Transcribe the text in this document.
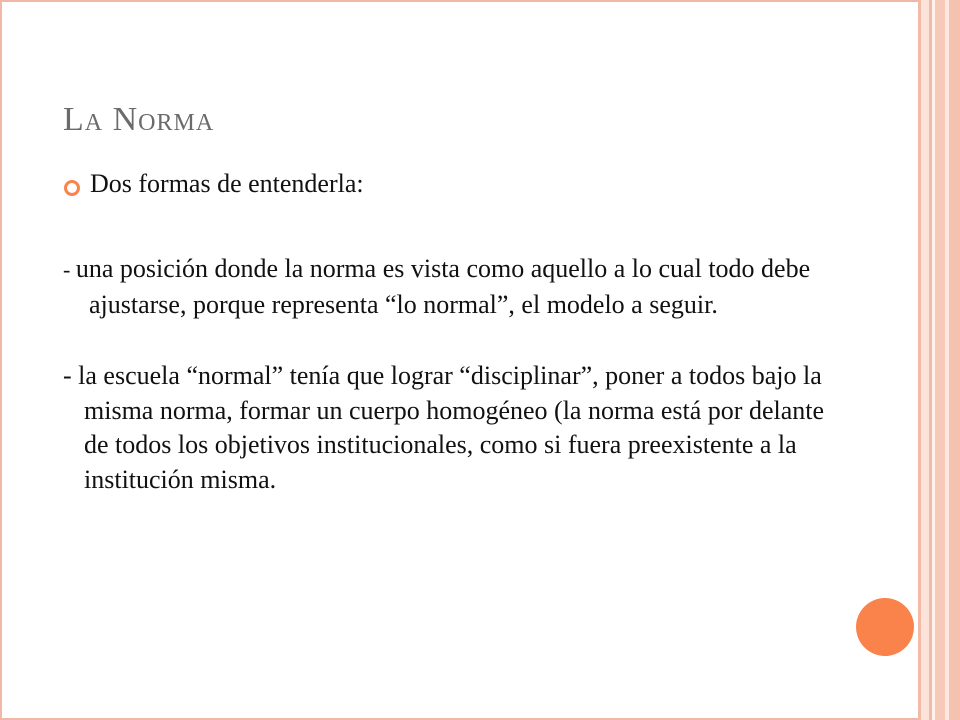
La Norma
Dos formas de entenderla:

- una posición donde la norma es vista como aquello a lo cual todo debe ajustarse, porque representa “lo normal”, el modelo a seguir.

- la escuela “normal” tenía que lograr “disciplinar”, poner a todos bajo la misma norma, formar un cuerpo homogéneo (la norma está por delante de todos los objetivos institucionales, como si fuera preexistente a la institución misma.
